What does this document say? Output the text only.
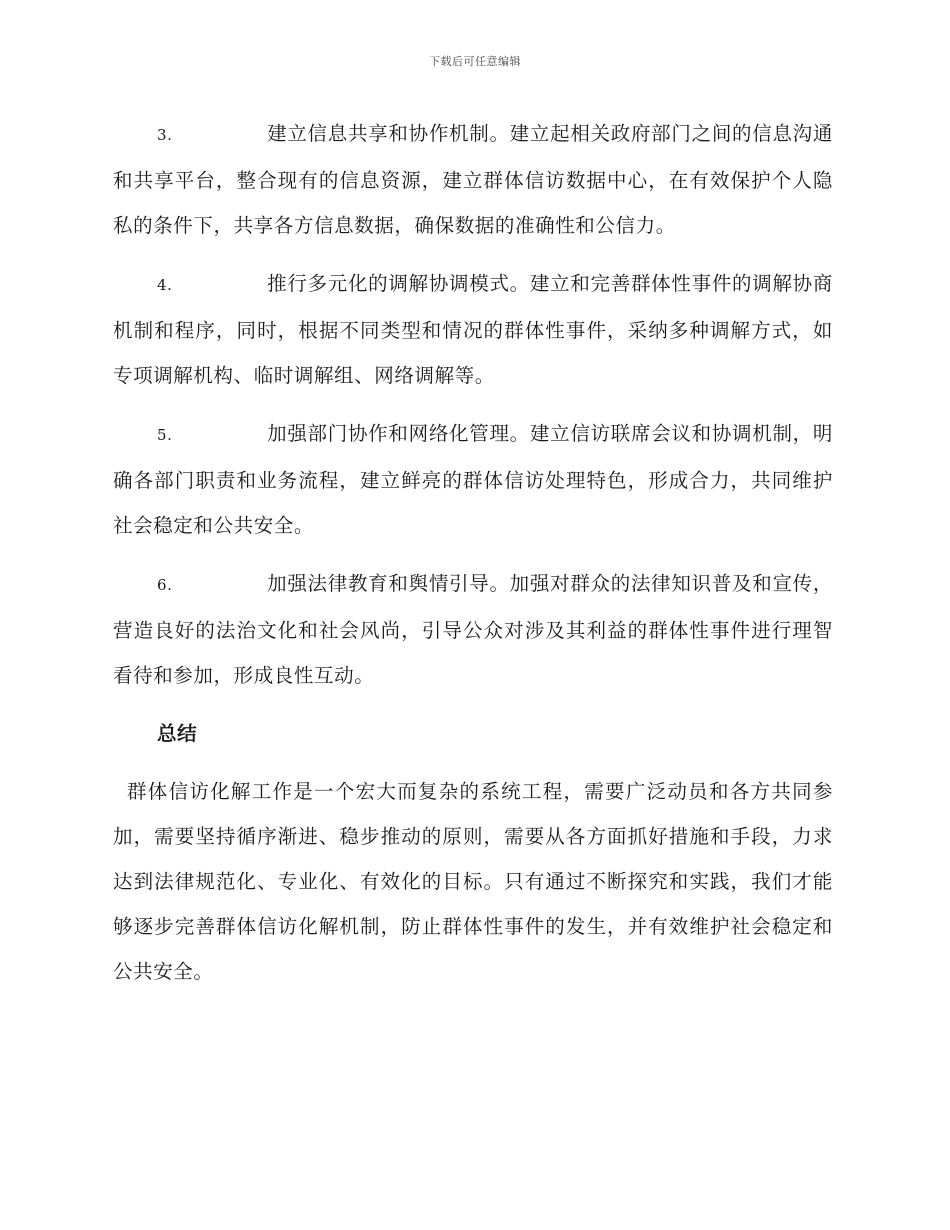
下载后可任意编辑

3.	建立信息共享和协作机制。建立起相关政府部门之间的信息沟通和共享平台，整合现有的信息资源，建立群体信访数据中心，在有效保护个人隐私的条件下，共享各方信息数据，确保数据的准确性和公信力。

4.	推行多元化的调解协调模式。建立和完善群体性事件的调解协商机制和程序，同时，根据不同类型和情况的群体性事件，采纳多种调解方式，如专项调解机构、临时调解组、网络调解等。

5.	加强部门协作和网络化管理。建立信访联席会议和协调机制，明确各部门职责和业务流程，建立鲜亮的群体信访处理特色，形成合力，共同维护社会稳定和公共安全。

6.	加强法律教育和舆情引导。加强对群众的法律知识普及和宣传，营造良好的法治文化和社会风尚，引导公众对涉及其利益的群体性事件进行理智看待和参加，形成良性互动。

总结

群体信访化解工作是一个宏大而复杂的系统工程，需要广泛动员和各方共同参加，需要坚持循序渐进、稳步推动的原则，需要从各方面抓好措施和手段，力求达到法律规范化、专业化、有效化的目标。只有通过不断探究和实践，我们才能够逐步完善群体信访化解机制，防止群体性事件的发生，并有效维护社会稳定和公共安全。
